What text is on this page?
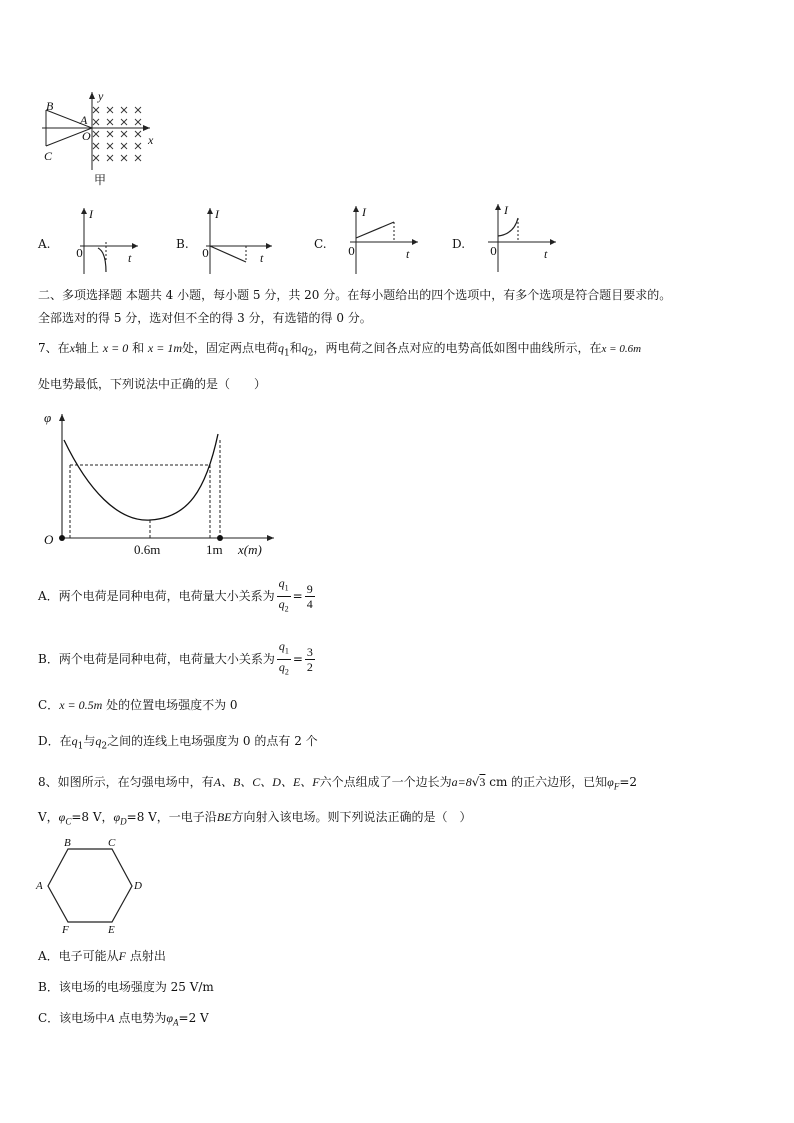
B
C
A
O	x
y
甲
A.
I
t
0
B.
I
t
0
C.
I
t
0
D.
I
t
0
二、多项选择题 本题共 4 小题，每小题 5 分，共 20 分。在每小题给出的四个选项中，有多个选项是符合题目要求的。
全部选对的得 5 分，选对但不全的得 3 分，有选错的得 0 分。
7、在x轴上 x = 0 和 x = 1m处，固定两点电荷$q_1$和$q_2$，两电荷之间各点对应的电势高低如图中曲线所示，在x = 0.6m
处电势最低，下列说法中正确的是（　　）
φ
O
0.6m	1m x(m)
A．两个电荷是同种电荷，电荷量大小关系为 $\frac{q_1}{q_2} = \frac{9}{4}$
B．两个电荷是同种电荷，电荷量大小关系为 $\frac{q_1}{q_2} = \frac{3}{2}$
C．x = 0.5m 处的位置电场强度不为 0
D．在$q_1$与$q_2$之间的连线上电场强度为 0 的点有 2 个
8、如图所示，在匀强电场中，有A、B、C、D、E、F六个点组成了一个边长为a=8√3 cm 的正六边形，已知$\varphi_F=2$
V，$\varphi_C=8$ V，$\varphi_D=8$ V，一电子沿BE方向射入该电场。则下列说法正确的是（　）
B	C
A	D
F	E
A．电子可能从F 点射出
B．该电场的电场强度为 25 V/m
C．该电场中A 点电势为$\varphi_A=2$ V
